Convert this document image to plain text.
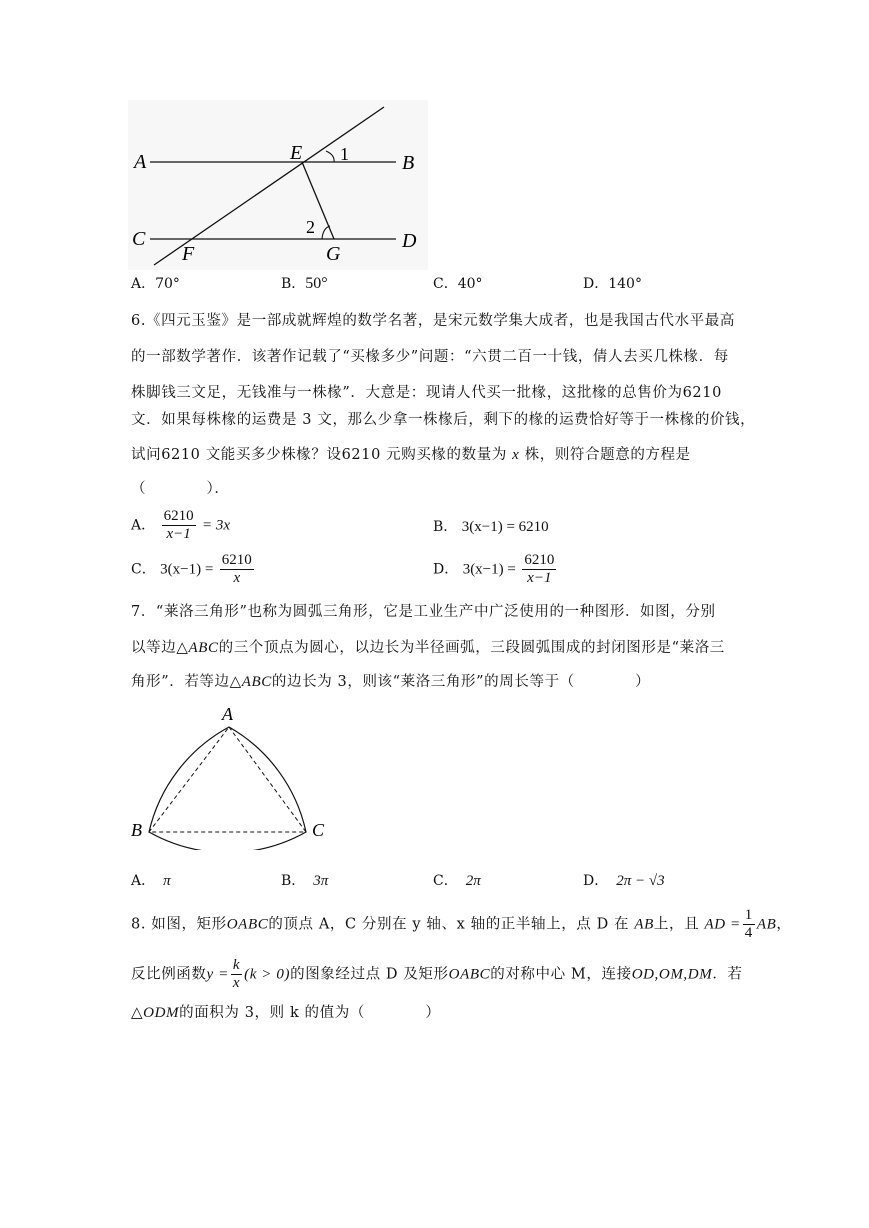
A	B
C	D
E
F	G
1
2
A．70°	B．50°	C．40°	D．140°
6.《四元玉鉴》是一部成就辉煌的数学名著，是宋元数学集大成者，也是我国古代水平最高
的一部数学著作．该著作记载了“买椽多少”问题：“六贯二百一十钱，倩人去买几株椽．每
株脚钱三文足，无钱准与一株椽”．大意是：现请人代买一批椽，这批椽的总售价为6210
文．如果每株椽的运费是 3 文，那么少拿一株椽后，剩下的椽的运费恰好等于一株椽的价钱，
试问6210 文能买多少株椽？设6210 元购买椽的数量为 x 株，则符合题意的方程是
（　　　　）．
A． $\frac{6210}{x-1} = 3x$	B． 3(x−1) = 6210
C． $3(x-1) = \frac{6210}{x}$	D． $3(x-1) = \frac{6210}{x-1}$
7．“莱洛三角形”也称为圆弧三角形，它是工业生产中广泛使用的一种图形．如图，分别
以等边△ABC的三个顶点为圆心，以边长为半径画弧，三段圆弧围成的封闭图形是“莱洛三
角形”．若等边△ABC的边长为 3，则该“莱洛三角形”的周长等于（　　　　）
A
B	C
A． π	B． 3π	C． 2π	D． 2π − √3
8. 如图，矩形OABC的顶点 A，C 分别在 y 轴、x 轴的正半轴上，点 D 在 AB上，且 AD = $\frac{1}{4}$ AB，
反比例函数$y = \frac{k}{x} (k > 0)$的图象经过点 D 及矩形OABC的对称中心 M，连接OD,OM,DM．若
△ODM的面积为 3，则 k 的值为（　　　　）
